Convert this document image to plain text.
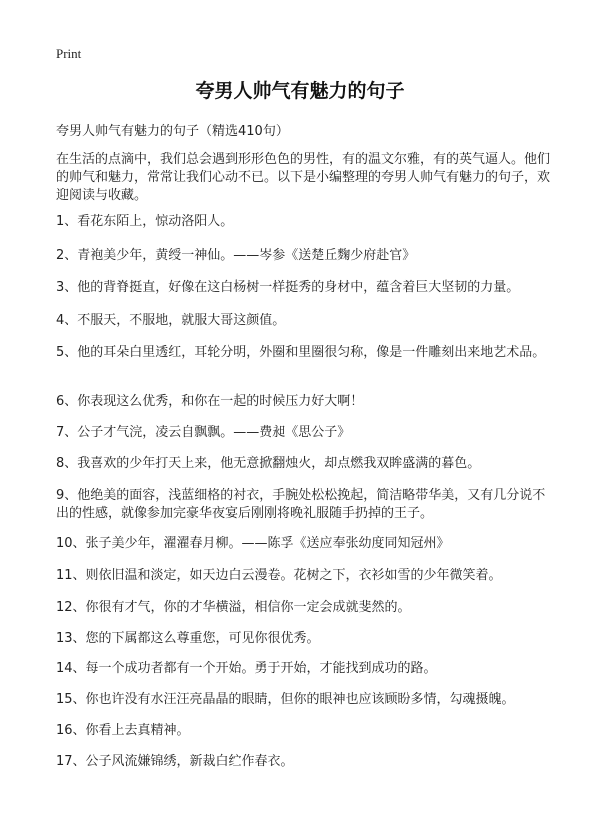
Print
夸男人帅气有魅力的句子

夸男人帅气有魅力的句子（精选410句）

在生活的点滴中，我们总会遇到形形色色的男性，有的温文尔雅，有的英气逼人。他们的帅气和魅力，常常让我们心动不已。以下是小编整理的夸男人帅气有魅力的句子，欢迎阅读与收藏。

1、看花东陌上，惊动洛阳人。

2、青袍美少年，黄绶一神仙。——岑参《送楚丘麴少府赴官》

3、他的背脊挺直，好像在这白杨树一样挺秀的身材中，蕴含着巨大坚韧的力量。

4、不服天，不服地，就服大哥这颜值。

5、他的耳朵白里透红，耳轮分明，外圈和里圈很匀称，像是一件雕刻出来地艺术品。

6、你表现这么优秀，和你在一起的时候压力好大啊！

7、公子才气浣，凌云自飘飘。——费昶《思公子》

8、我喜欢的少年打天上来，他无意掀翻烛火，却点燃我双眸盛满的暮色。

9、他绝美的面容，浅蓝细格的衬衣，手腕处松松挽起，简洁略带华美，又有几分说不出的性感，就像参加完豪华夜宴后刚刚将晚礼服随手扔掉的王子。

10、张子美少年，濯濯春月柳。——陈孚《送应奉张幼度同知冠州》

11、则依旧温和淡定，如天边白云漫卷。花树之下，衣衫如雪的少年微笑着。

12、你很有才气，你的才华横溢，相信你一定会成就斐然的。

13、您的下属都这么尊重您，可见你很优秀。

14、每一个成功者都有一个开始。勇于开始，才能找到成功的路。

15、你也许没有水汪汪亮晶晶的眼睛，但你的眼神也应该顾盼多情，勾魂摄魄。

16、你看上去真精神。

17、公子风流嫌锦绣，新裁白纻作春衣。
